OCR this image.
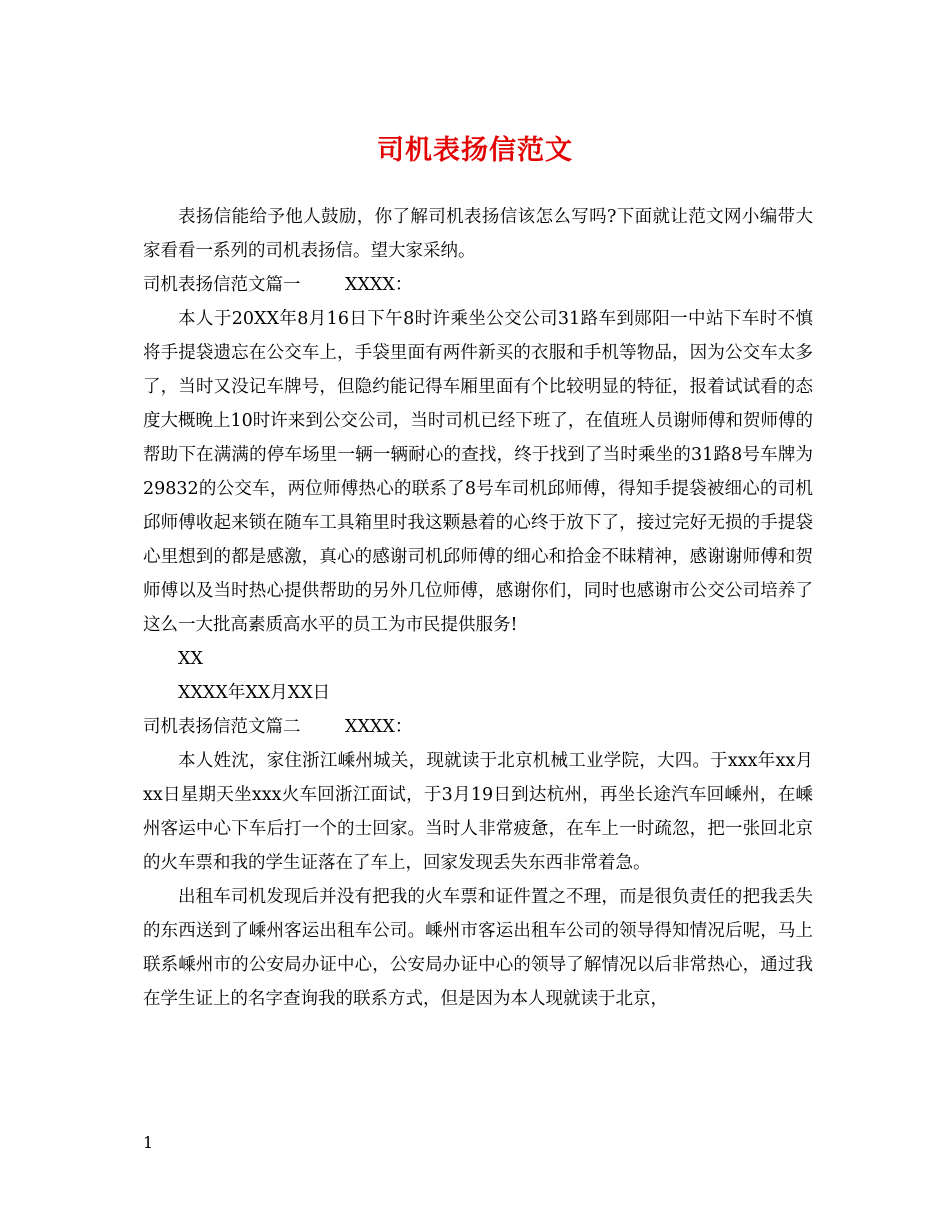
司机表扬信范文

表扬信能给予他人鼓励，你了解司机表扬信该怎么写吗?下面就让范文网小编带大家看看一系列的司机表扬信。望大家采纳。

司机表扬信范文篇一	XXXX：

本人于20XX年8月16日下午8时许乘坐公交公司31路车到郧阳一中站下车时不慎将手提袋遗忘在公交车上，手袋里面有两件新买的衣服和手机等物品，因为公交车太多了，当时又没记车牌号，但隐约能记得车厢里面有个比较明显的特征，报着试试看的态度大概晚上10时许来到公交公司，当时司机已经下班了，在值班人员谢师傅和贺师傅的帮助下在满满的停车场里一辆一辆耐心的查找，终于找到了当时乘坐的31路8号车牌为29832的公交车，两位师傅热心的联系了8号车司机邱师傅，得知手提袋被细心的司机邱师傅收起来锁在随车工具箱里时我这颗悬着的心终于放下了，接过完好无损的手提袋心里想到的都是感激，真心的感谢司机邱师傅的细心和拾金不昧精神，感谢谢师傅和贺师傅以及当时热心提供帮助的另外几位师傅，感谢你们，同时也感谢市公交公司培养了这么一大批高素质高水平的员工为市民提供服务!

XX

XXXX年XX月XX日

司机表扬信范文篇二	XXXX：

本人姓沈，家住浙江嵊州城关，现就读于北京机械工业学院，大四。于xxx年xx月xx日星期天坐xxx火车回浙江面试，于3月19日到达杭州，再坐长途汽车回嵊州，在嵊州客运中心下车后打一个的士回家。当时人非常疲惫，在车上一时疏忽，把一张回北京的火车票和我的学生证落在了车上，回家发现丢失东西非常着急。

出租车司机发现后并没有把我的火车票和证件置之不理，而是很负责任的把我丢失的东西送到了嵊州客运出租车公司。嵊州市客运出租车公司的领导得知情况后呢，马上联系嵊州市的公安局办证中心，公安局办证中心的领导了解情况以后非常热心，通过我在学生证上的名字查询我的联系方式，但是因为本人现就读于北京，

1
